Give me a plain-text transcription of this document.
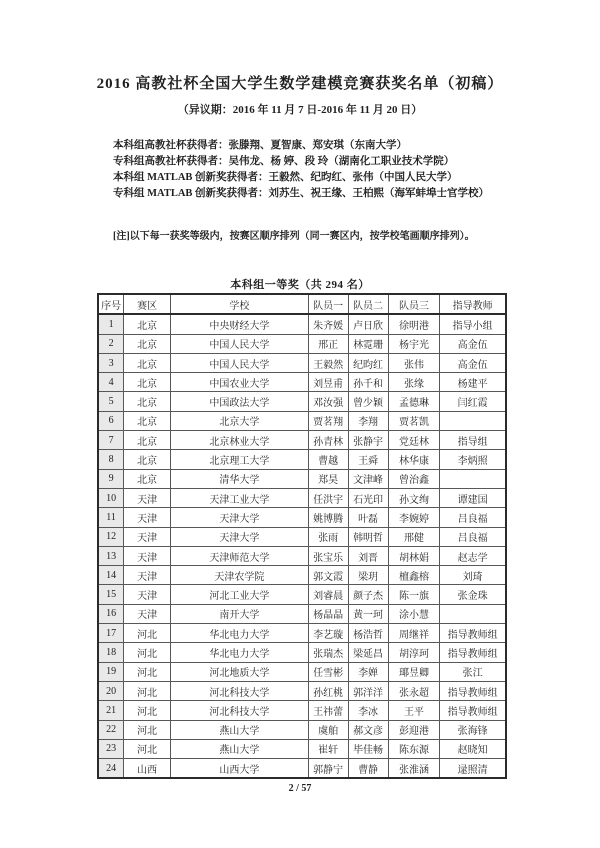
2016 高教社杯全国大学生数学建模竞赛获奖名单（初稿）
（异议期：2016 年 11 月 7 日-2016 年 11 月 20 日）
本科组高教社杯获得者：张滕翔、夏智康、郑安琪（东南大学）
专科组高教社杯获得者：吴伟龙、杨 婷、段 玲（湖南化工职业技术学院）
本科组 MATLAB 创新奖获得者：王毅然、纪昀红、张伟（中国人民大学）
专科组 MATLAB 创新奖获得者：刘苏生、祝王缘、王柏熙（海军蚌埠士官学校）
[注]以下每一获奖等级内，按赛区顺序排列（同一赛区内，按学校笔画顺序排列）。
本科组一等奖（共 294 名）
序号	赛区	学校	队员一	队员二	队员三	指导教师
1	北京	中央财经大学	朱齐媛	卢日欣	徐明港	指导小组
2	北京	中国人民大学	邢正	林霓珊	杨宇光	高金伍
3	北京	中国人民大学	王毅然	纪昀红	张伟	高金伍
4	北京	中国农业大学	刘昱甫	孙千和	张缘	杨建平
5	北京	中国政法大学	邓汝强	曾少颖	孟德琳	闫红霞
6	北京	北京大学	贾茗翔	李翔	贾茗凯	
7	北京	北京林业大学	孙青林	张静宇	党廷林	指导组
8	北京	北京理工大学	曹越	王舜	林华康	李炳照
9	北京	清华大学	郑昊	文津峰	曾治鑫	
10	天津	天津工业大学	任洪宇	石光印	孙文绚	谭建国
11	天津	天津大学	姚博腾	叶磊	李婉婷	吕良福
12	天津	天津大学	张雨	韩明哲	邢健	吕良福
13	天津	天津师范大学	张宝乐	刘晋	胡林娟	赵志学
14	天津	天津农学院	郭文霞	梁玥	檀鑫榕	刘琦
15	天津	河北工业大学	刘睿晨	颜子杰	陈一旗	张金珠
16	天津	南开大学	杨晶晶	黄一珂	涂小慧	
17	河北	华北电力大学	李艺璇	杨浩哲	周继祥	指导教师组
18	河北	华北电力大学	张瑞杰	梁延昌	胡淳珂	指导教师组
19	河北	河北地质大学	任雪彬	李婵	瑘昱卿	张江
20	河北	河北科技大学	孙红桃	郭洋洋	张永超	指导教师组
21	河北	河北科技大学	王祎蕾	李冰	王平	指导教师组
22	河北	燕山大学	虞舶	郝文彦	彭迎港	张海锋
23	河北	燕山大学	崔轩	毕佳畅	陈东源	赵晓知
24	山西	山西大学	郭静宁	曹静	张淮涵	逯照清
2 / 57
